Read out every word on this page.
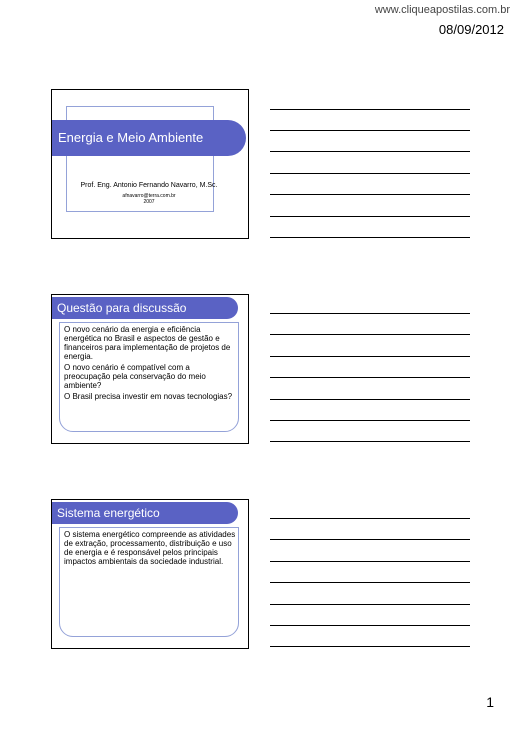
www.cliqueapostilas.com.br
08/09/2012
Energia e Meio Ambiente
Prof. Eng. Antonio Fernando Navarro, M.Sc.
afnavarro@terra.com.br
2007
Questão para discussão
O novo cenário da energia e eficiência energética no Brasil e aspectos de gestão e financeiros para implementação de projetos de energia.
O novo cenário é compatível com a preocupação pela conservação do meio ambiente?
O Brasil precisa investir em novas tecnologias?
Sistema energético
O sistema energético compreende as atividades de extração, processamento, distribuição e uso de energia e é responsável pelos principais impactos ambientais da sociedade industrial.
1
